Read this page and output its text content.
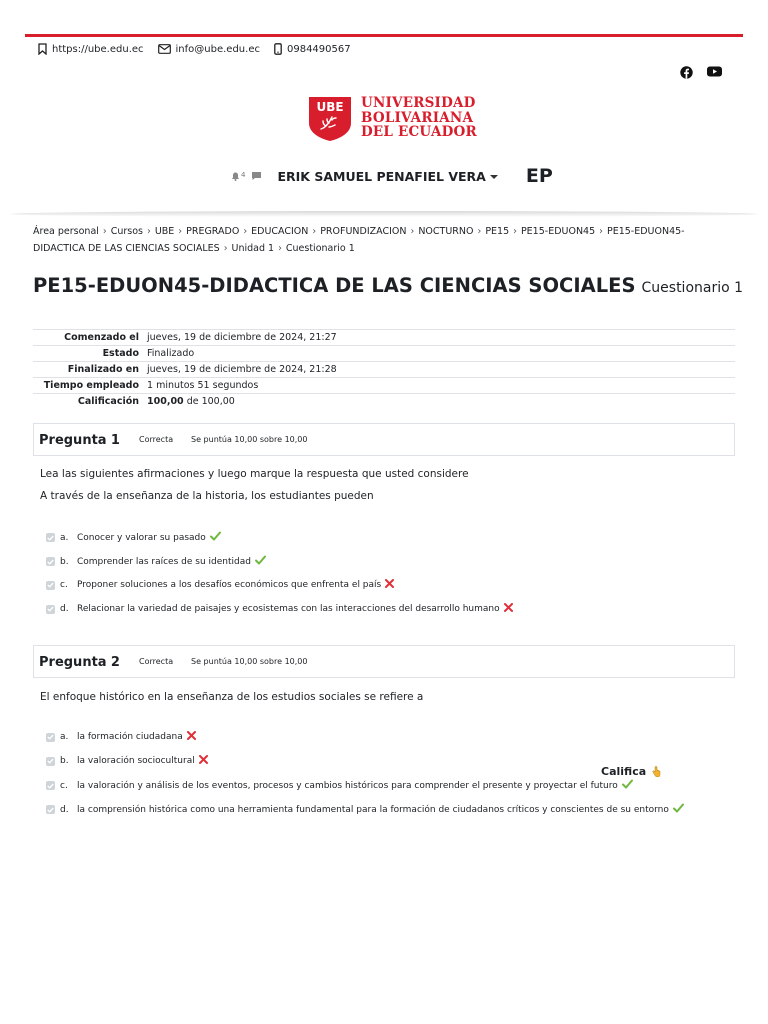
https://ube.edu.ec	info@ube.edu.ec	0984490567
UBE UNIVERSIDAD
BOLIVARIANA
DEL ECUADOR
4	ERIK SAMUEL PENAFIEL VERA EP
Área personal › Cursos › UBE › PREGRADO › EDUCACION › PROFUNDIZACION › NOCTURNO › PE15 › PE15-EDUON45 › PE15-EDUON45-DIDACTICA DE LAS CIENCIAS SOCIALES › Unidad 1 › Cuestionario 1
PE15-EDUON45-DIDACTICA DE LAS CIENCIAS SOCIALES Cuestionario 1
Comenzado el	jueves, 19 de diciembre de 2024, 21:27
Estado	Finalizado
Finalizado en	jueves, 19 de diciembre de 2024, 21:28
Tiempo empleado	1 minutos 51 segundos
Calificación	100,00 de 100,00
Pregunta 1	Correcta	Se puntúa 10,00 sobre 10,00
Lea las siguientes afirmaciones y luego marque la respuesta que usted considere
A través de la enseñanza de la historia, los estudiantes pueden
a. Conocer y valorar su pasado
b. Comprender las raíces de su identidad
c.	Proponer soluciones a los desafíos económicos que enfrenta el país
d. Relacionar la variedad de paisajes y ecosistemas con las interacciones del desarrollo humano
Pregunta 2	Correcta	Se puntúa 10,00 sobre 10,00
El enfoque histórico en la enseñanza de los estudios sociales se refiere a
a. la formación ciudadana
b. la valoración sociocultural
c.	la valoración y análisis de los eventos, procesos y cambios históricos para comprender el presente y proyectar el futuro
d. la comprensión histórica como una herramienta fundamental para la formación de ciudadanos críticos y conscientes de su entorno
Califica
